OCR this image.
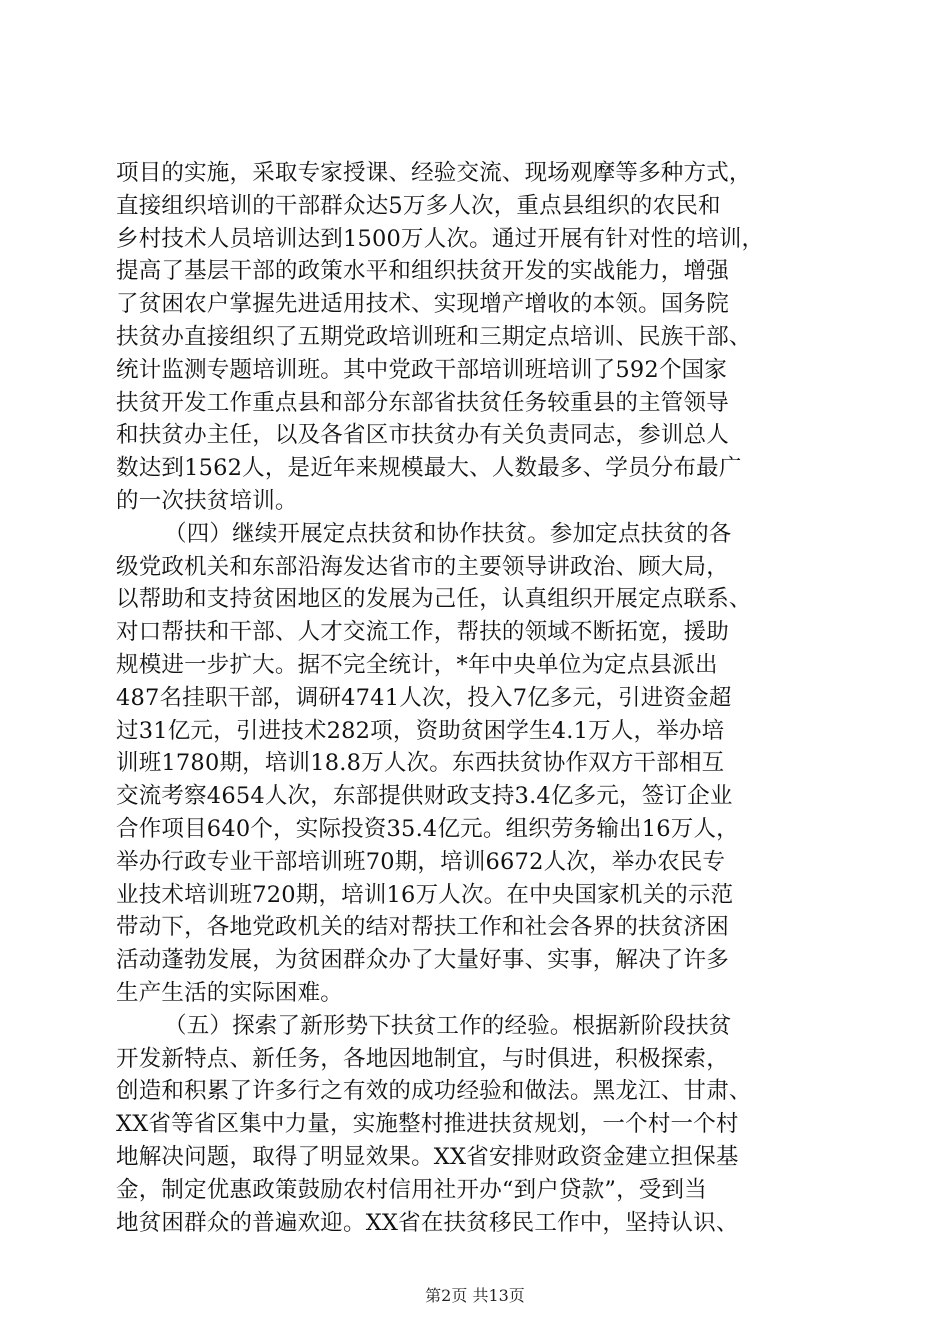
项目的实施，采取专家授课、经验交流、现场观摩等多种方式，
直接组织培训的干部群众达5万多人次，重点县组织的农民和
乡村技术人员培训达到1500万人次。通过开展有针对性的培训，
提高了基层干部的政策水平和组织扶贫开发的实战能力，增强
了贫困农户掌握先进适用技术、实现增产增收的本领。国务院
扶贫办直接组织了五期党政培训班和三期定点培训、民族干部、
统计监测专题培训班。其中党政干部培训班培训了592个国家
扶贫开发工作重点县和部分东部省扶贫任务较重县的主管领导
和扶贫办主任，以及各省区市扶贫办有关负责同志，参训总人
数达到1562人，是近年来规模最大、人数最多、学员分布最广
的一次扶贫培训。
（四）继续开展定点扶贫和协作扶贫。参加定点扶贫的各
级党政机关和东部沿海发达省市的主要领导讲政治、顾大局，
以帮助和支持贫困地区的发展为己任，认真组织开展定点联系、
对口帮扶和干部、人才交流工作，帮扶的领域不断拓宽，援助
规模进一步扩大。据不完全统计，*年中央单位为定点县派出
487名挂职干部，调研4741人次，投入7亿多元，引进资金超
过31亿元，引进技术282项，资助贫困学生4.1万人，举办培
训班1780期，培训18.8万人次。东西扶贫协作双方干部相互
交流考察4654人次，东部提供财政支持3.4亿多元，签订企业
合作项目640个，实际投资35.4亿元。组织劳务输出16万人，
举办行政专业干部培训班70期，培训6672人次，举办农民专
业技术培训班720期，培训16万人次。在中央国家机关的示范
带动下，各地党政机关的结对帮扶工作和社会各界的扶贫济困
活动蓬勃发展，为贫困群众办了大量好事、实事，解决了许多
生产生活的实际困难。
（五）探索了新形势下扶贫工作的经验。根据新阶段扶贫
开发新特点、新任务，各地因地制宜，与时俱进，积极探索，
创造和积累了许多行之有效的成功经验和做法。黑龙江、甘肃、
XX省等省区集中力量，实施整村推进扶贫规划，一个村一个村
地解决问题，取得了明显效果。XX省安排财政资金建立担保基
金，制定优惠政策鼓励农村信用社开办“到户贷款”，受到当
地贫困群众的普遍欢迎。XX省在扶贫移民工作中，坚持认识、
第2页 共13页
